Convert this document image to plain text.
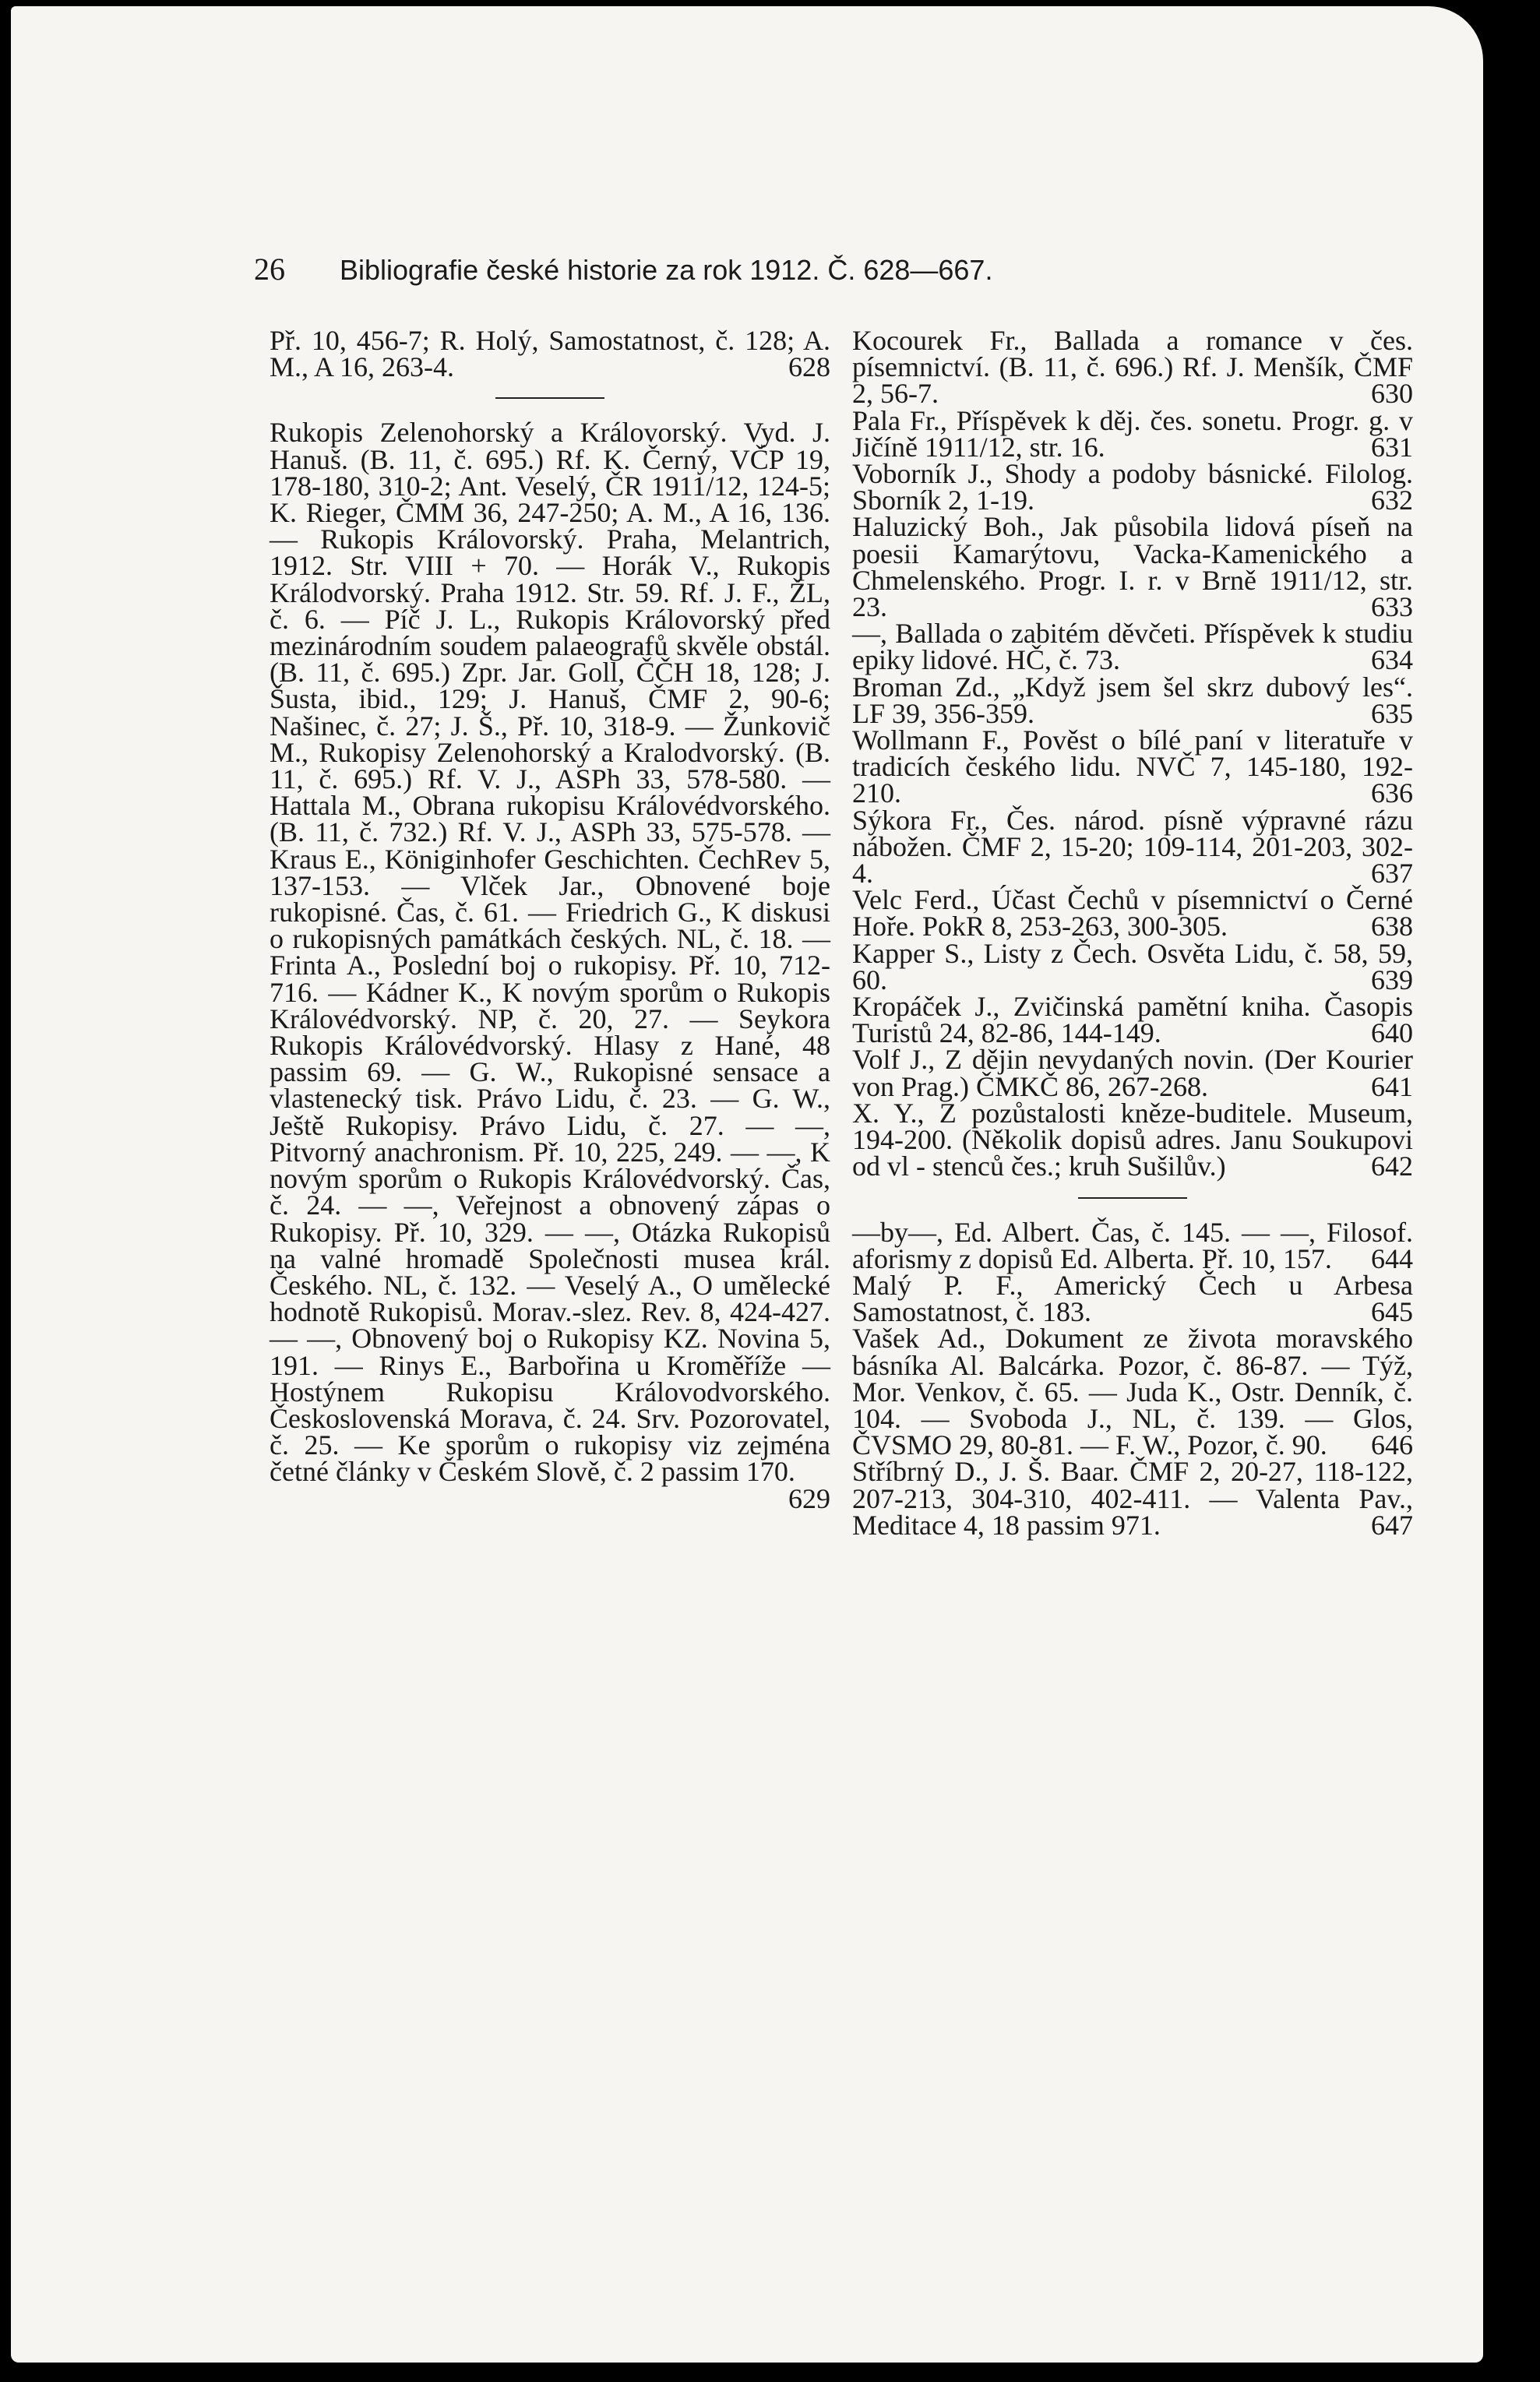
26 Bibliografie české historie za rok 1912. Č. 628—667.
Př. 10, 456-7; R. Holý, Samostatnost, č. 128; A. M., A 16, 263-4.	628
Rukopis Zelenohorský a Královorský. Vyd. J. Hanuš. (B. 11, č. 695.) Rf. K. Černý, VČP 19, 178-180, 310-2; Ant. Veselý, ČR 1911/12, 124-5; K. Rieger, ČMM 36, 247-250; A. M., A 16, 136. — Rukopis Královorský. Praha, Melantrich, 1912. Str. VIII + 70. — Horák V., Rukopis Králodvorský. Praha 1912. Str. 59. Rf. J. F., ŽL, č. 6. — Píč J. L., Rukopis Královorský před mezinárodním soudem palaeografů skvěle obstál. (B. 11, č. 695.) Zpr. Jar. Goll, ČČH 18, 128; J. Šusta, ibid., 129; J. Hanuš, ČMF 2, 90-6; Našinec, č. 27; J. Š., Př. 10, 318-9. — Žunkovič M., Rukopisy Zelenohorský a Kralodvorský. (B. 11, č. 695.) Rf. V. J., ASPh 33, 578-580. — Hattala M., Obrana rukopisu Královédvorského. (B. 11, č. 732.) Rf. V. J., ASPh 33, 575-578. — Kraus E., Königinhofer Geschichten. ČechRev 5, 137-153. — Vlček Jar., Obnovené boje rukopisné. Čas, č. 61. — Friedrich G., K diskusi o rukopisných památkách českých. NL, č. 18. — Frinta A., Poslední boj o rukopisy. Př. 10, 712-716. — Kádner K., K novým sporům o Rukopis Královédvorský. NP, č. 20, 27. — Seykora Rukopis Královédvorský. Hlasy z Hané, 48 passim 69. — G. W., Rukopisné sensace a vlastenecký tisk. Právo Lidu, č. 23. — G. W., Ještě Rukopisy. Právo Lidu, č. 27. — —, Pitvorný anachronism. Př. 10, 225, 249. — —, K novým sporům o Rukopis Královédvorský. Čas, č. 24. — —, Veřejnost a obnovený zápas o Rukopisy. Př. 10, 329. — —, Otázka Rukopisů na valné hromadě Společnosti musea král. Českého. NL, č. 132. — Veselý A., O umělecké hodnotě Rukopisů. Morav.-slez. Rev. 8, 424-427. — —, Obnovený boj o Rukopisy KZ. Novina 5, 191. — Rinys E., Barbořina u Kroměříže — Hostýnem Rukopisu Královodvorského. Československá Morava, č. 24. Srv. Pozorovatel, č. 25. — Ke sporům o rukopisy viz zejména četné články v Českém Slově, č. 2 passim 170.
629
Kocourek Fr., Ballada a romance v čes. písemnictví. (B. 11, č. 696.) Rf. J. Menšík, ČMF 2, 56-7.	630
Pala Fr., Příspěvek k děj. čes. sonetu. Progr. g. v Jičíně 1911/12, str. 16.	631
Voborník J., Shody a podoby básnické. Filolog. Sborník 2, 1-19.	632
Haluzický Boh., Jak působila lidová píseň na poesii Kamarýtovu, Vacka-Kamenického a Chmelenského. Progr. I. r. v Brně 1911/12, str. 23.	633
—, Ballada o zabitém děvčeti. Příspěvek k studiu epiky lidové. HČ, č. 73.	634
Broman Zd., „Když jsem šel skrz dubový les“. LF 39, 356-359.	635
Wollmann F., Pověst o bílé paní v literatuře v tradicích českého lidu. NVČ 7, 145-180, 192-210.	636
Sýkora Fr., Čes. národ. písně výpravné rázu nábožen. ČMF 2, 15-20; 109-114, 201-203, 302-4.	637
Velc Ferd., Účast Čechů v písemnictví o Černé Hoře. PokR 8, 253-263, 300-305.	638
Kapper S., Listy z Čech. Osvěta Lidu, č. 58, 59, 60.	639
Kropáček J., Zvičinská pamětní kniha. Časopis Turistů 24, 82-86, 144-149.	640
Volf J., Z dějin nevydaných novin. (Der Kourier von Prag.) ČMKČ 86, 267-268.	641
X. Y., Z pozůstalosti kněze-buditele. Museum, 194-200. (Několik dopisů adres. Janu Soukupovi od vl - stenců čes.; kruh Sušilův.)	642
—by—, Ed. Albert. Čas, č. 145. — —, Filosof. aforismy z dopisů Ed. Alberta. Př. 10, 157. 644
Malý P. F., Americký Čech u Arbesa Samostatnost, č. 183.	645
Vašek Ad., Dokument ze života moravského básníka Al. Balcárka. Pozor, č. 86-87. — Týž, Mor. Venkov, č. 65. — Juda K., Ostr. Denník, č. 104. — Svoboda J., NL, č. 139. — Glos, ČVSMO 29, 80-81. — F. W., Pozor, č. 90. 646
Stříbrný D., J. Š. Baar. ČMF 2, 20-27, 118-122, 207-213, 304-310, 402-411. — Valenta Pav., Meditace 4, 18 passim 971.	647
